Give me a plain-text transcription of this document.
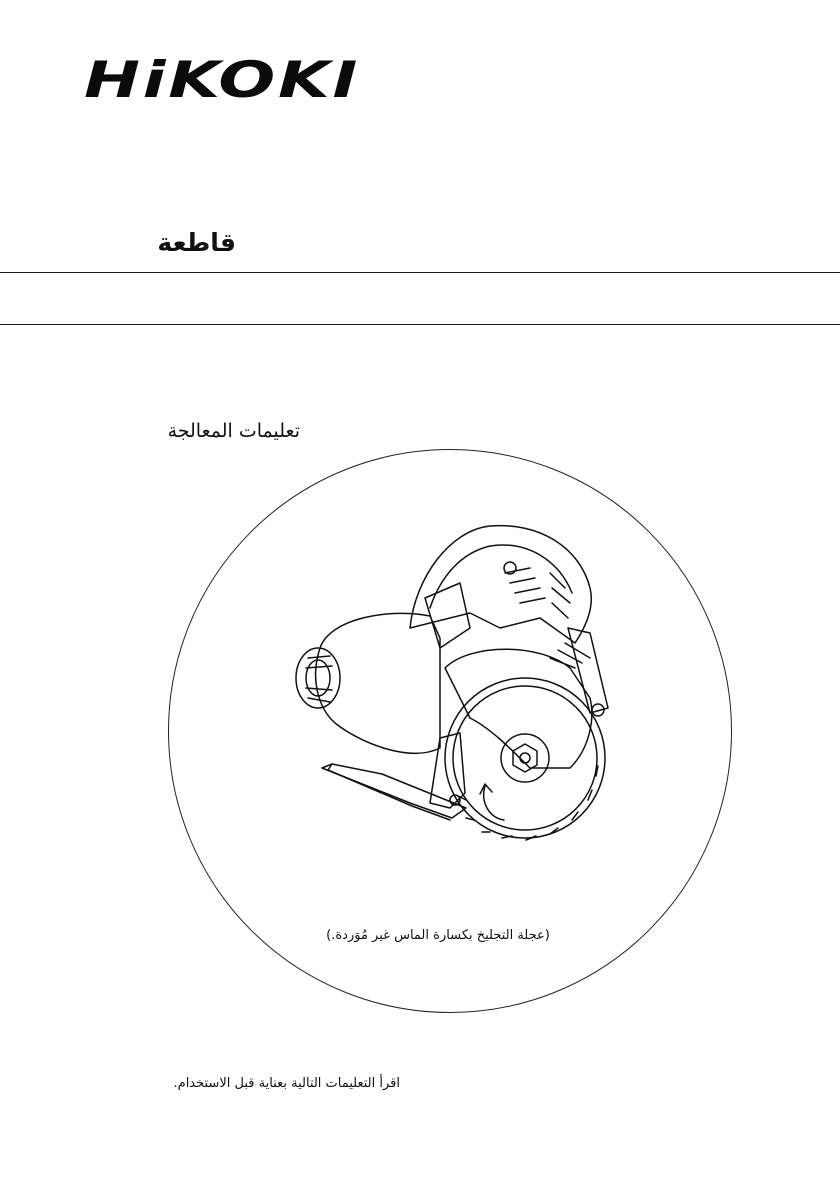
HiKOKI
قاطعة
تعليمات المعالجة
(عجلة التجليخ بكسارة الماس غير مُوَردة.)
اقرأ التعليمات التالية بعناية قبل الاستخدام.
